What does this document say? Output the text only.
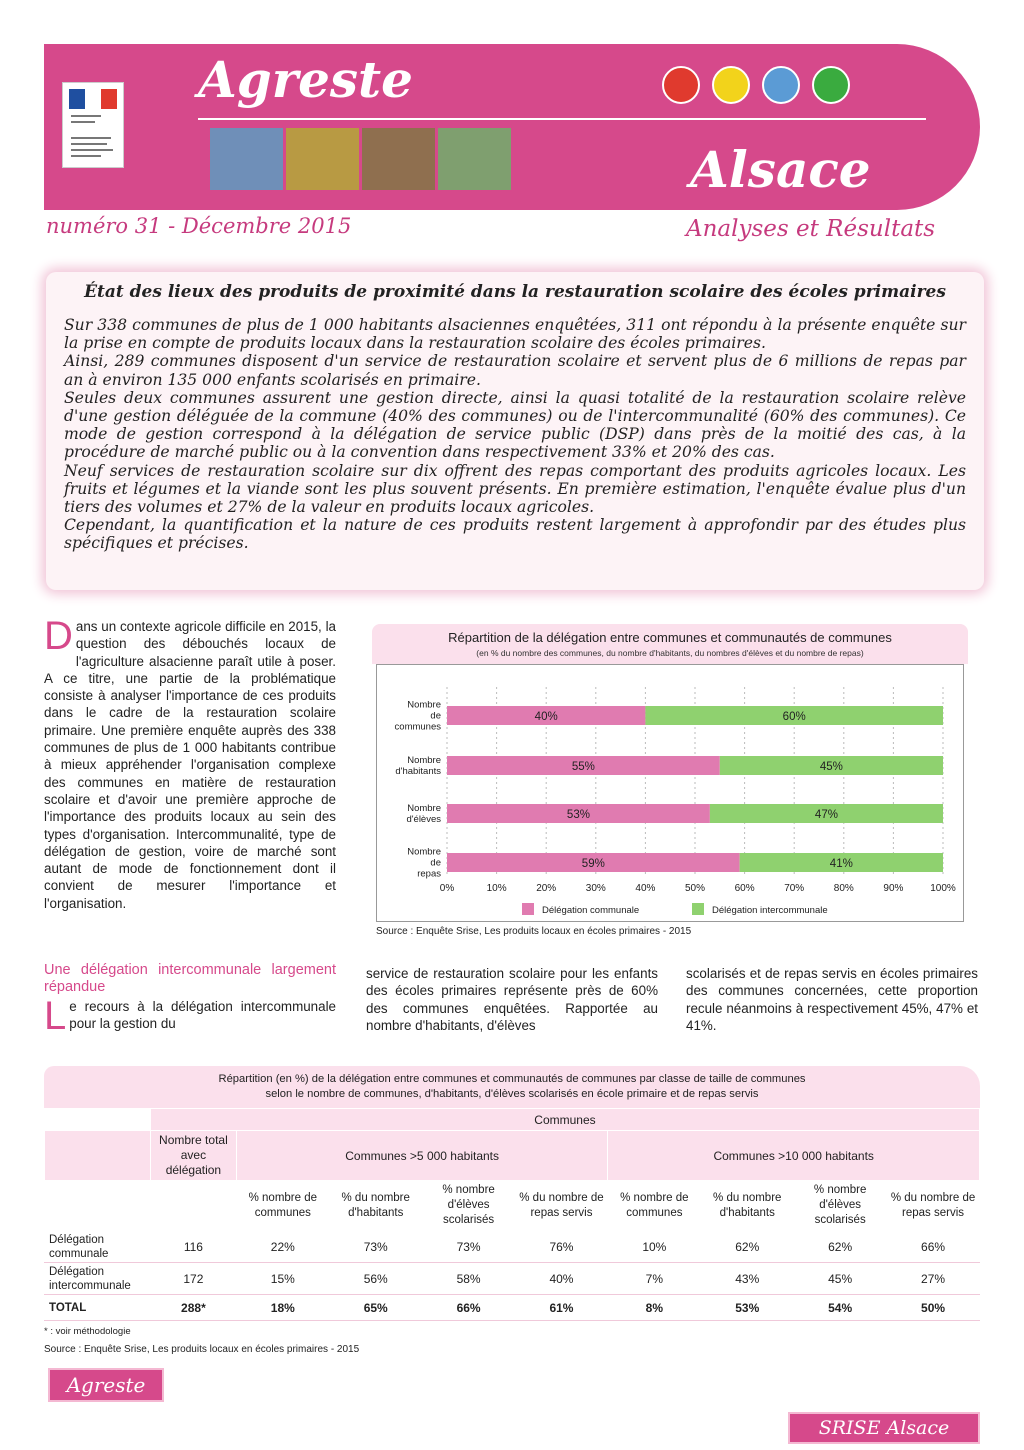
Agreste
Alsace
numéro 31 - Décembre 2015	Analyses et Résultats
État des lieux des produits de proximité dans la restauration scolaire des écoles primaires

Sur 338 communes de plus de 1 000 habitants alsaciennes enquêtées, 311 ont répondu à la présente enquête sur la prise en compte de produits locaux dans la restauration scolaire des écoles primaires.

Ainsi, 289 communes disposent d'un service de restauration scolaire et servent plus de 6 millions de repas par an à environ 135 000 enfants scolarisés en primaire.

Seules deux communes assurent une gestion directe, ainsi la quasi totalité de la restauration scolaire relève d'une gestion déléguée de la commune (40% des communes) ou de l'intercommunalité (60% des communes). Ce mode de gestion correspond à la délégation de service public (DSP) dans près de la moitié des cas, à la procédure de marché public ou à la convention dans respectivement 33% et 20% des cas.

Neuf services de restauration scolaire sur dix offrent des repas comportant des produits agricoles locaux. Les fruits et légumes et la viande sont les plus souvent présents. En première estimation, l'enquête évalue plus d'un tiers des volumes et 27% de la valeur en produits locaux agricoles.

Cependant, la quantification et la nature de ces produits restent largement à approfondir par des études plus spécifiques et précises.

Dans un contexte agricole difficile en 2015, la question des débouchés locaux de l'agriculture alsacienne paraît utile à poser. A ce titre, une partie de la problématique consiste à analyser l'importance de ces produits dans le cadre de la restauration scolaire primaire. Une première enquête auprès des 338 communes de plus de 1 000 habitants contribue à mieux appréhender l'organisation complexe des communes en matière de restauration scolaire et d'avoir une première approche de l'importance des produits locaux au sein des types d'organisation. Intercommunalité, type de délégation de gestion, voire de marché sont autant de mode de fonctionnement dont il convient de mesurer l'importance et l'organisation.
Répartition de la délégation entre communes et communautés de communes
(en % du nombre des communes, du nombre d'habitants, du nombres d'élèves et du nombre de repas)
40%	60%
Nombre
de
communes
55%	45%
Nombre
d'habitants
53%	47%
Nombre
d'élèves
59%	41%
Nombre
de
repas
0%	10%	20%	30%	40%	50%	60%	70%	80%	90%	100%
Délégation communale	Délégation intercommunale
Source : Enquête Srise, Les produits locaux en écoles primaires - 2015
Une délégation intercommunale largement répandue
Le recours à la délégation intercommunale pour la gestion du
service de restauration scolaire pour les enfants des écoles primaires représente près de 60% des communes enquêtées. Rapportée au nombre d'habitants, d'élèves
scolarisés et de repas servis en écoles primaires des communes concernées, cette proportion recule néanmoins à respectivement 45%, 47% et 41%.
Répartition (en %) de la délégation entre communes et communautés de communes par classe de taille de communes
selon le nombre de communes, d'habitants, d'élèves scolarisés en école primaire et de repas servis
	Communes								
	Nombre total avec délégation	Communes >5 000 habitants				Communes >10 000 habitants			
		% nombre de communes	% du nombre d'habitants	% nombre d'élèves scolarisés	% du nombre de repas servis	% nombre de communes	% du nombre d'habitants	% nombre d'élèves scolarisés	% du nombre de repas servis
Délégation communale	116	22%	73%	73%	76%	10%	62%	62%	66%
Délégation intercommunale	172	15%	56%	58%	40%	7%	43%	45%	27%
TOTAL	288*	18%	65%	66%	61%	8%	53%	54%	50%
* : voir méthodologie
Source : Enquête Srise, Les produits locaux en écoles primaires - 2015
Agreste
SRISE Alsace
